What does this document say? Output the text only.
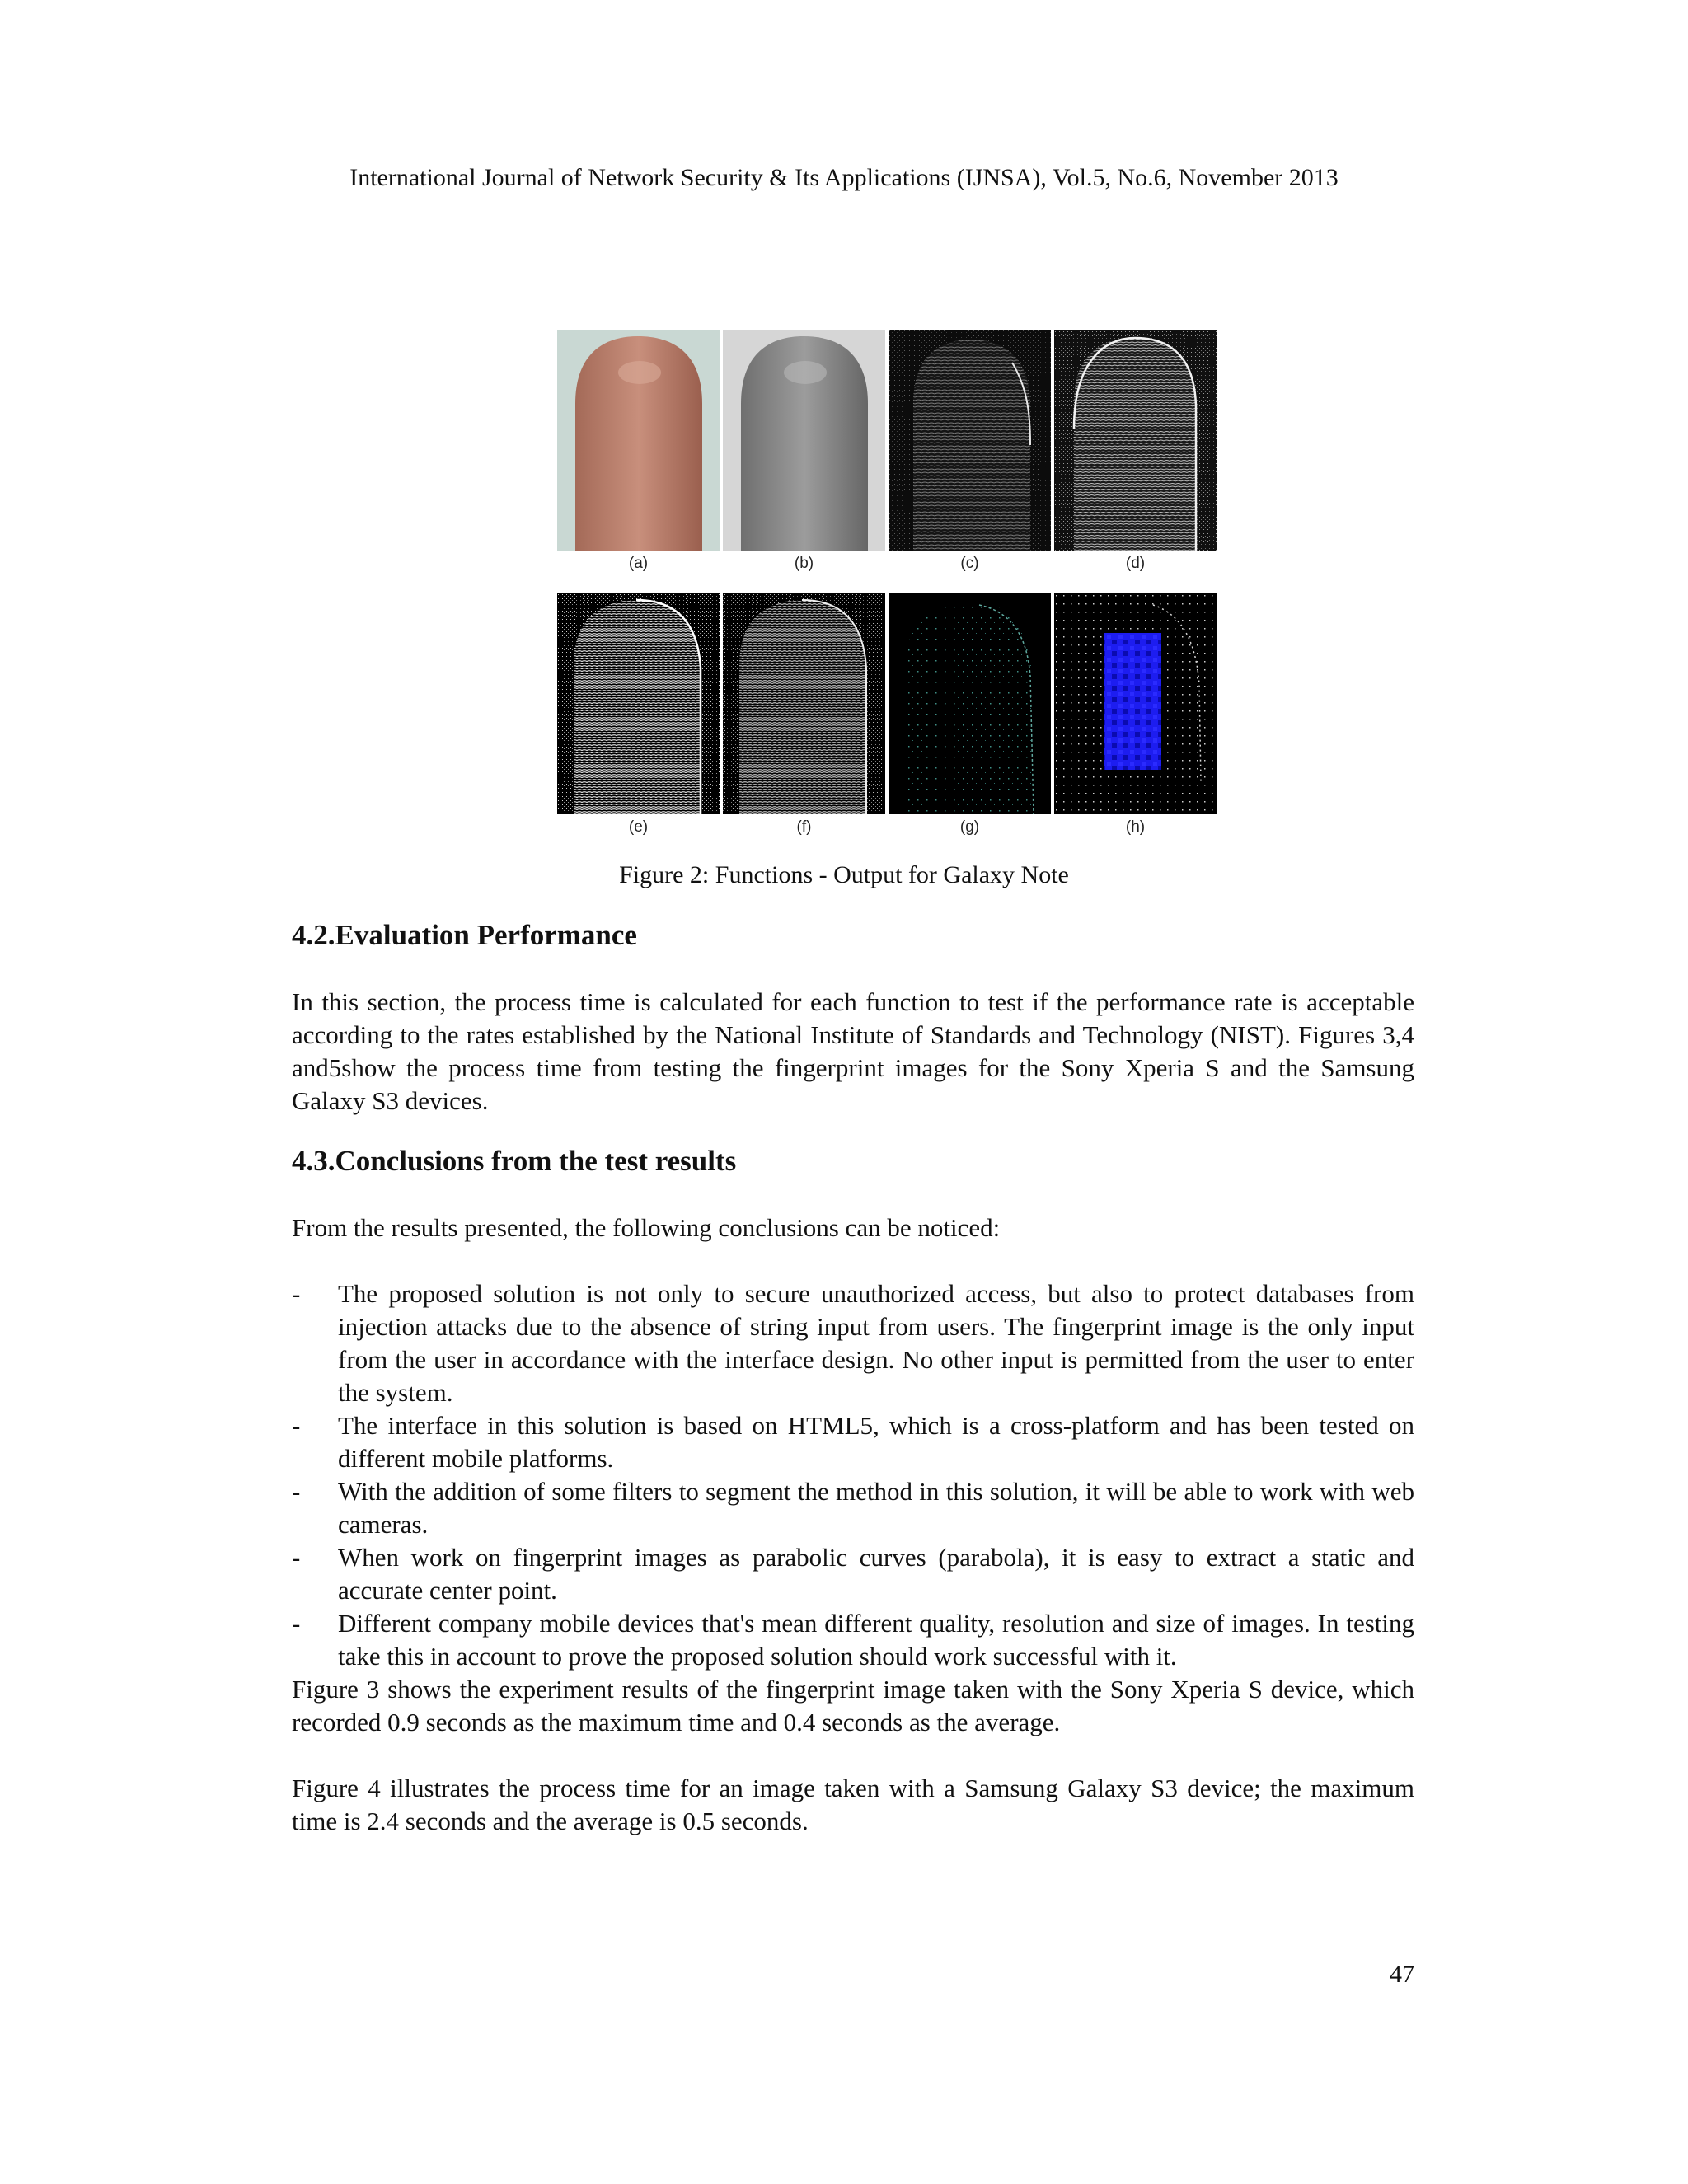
International Journal of Network Security & Its Applications (IJNSA), Vol.5, No.6, November 2013

(a)	(b)	(c)	(d)
(e)	(f)	(g)	(h)

Figure 2: Functions - Output for Galaxy Note

4.2.Evaluation Performance

In this section, the process time is calculated for each function to test if the performance rate is acceptable according to the rates established by the National Institute of Standards and Technology (NIST). Figures 3,4 and5show the process time from testing the fingerprint images for the Sony Xperia S and the Samsung Galaxy S3 devices.

4.3.Conclusions from the test results

From the results presented, the following conclusions can be noticed:

- The proposed solution is not only to secure unauthorized access, but also to protect databases from injection attacks due to the absence of string input from users. The fingerprint image is the only input from the user in accordance with the interface design. No other input is permitted from the user to enter the system.
- The interface in this solution is based on HTML5, which is a cross-platform and has been tested on different mobile platforms.
- With the addition of some filters to segment the method in this solution, it will be able to work with web cameras.
- When work on fingerprint images as parabolic curves (parabola), it is easy to extract a static and accurate center point.
- Different company mobile devices that's mean different quality, resolution and size of images. In testing take this in account to prove the proposed solution should work successful with it.

Figure 3 shows the experiment results of the fingerprint image taken with the Sony Xperia S device, which recorded 0.9 seconds as the maximum time and 0.4 seconds as the average.

Figure 4 illustrates the process time for an image taken with a Samsung Galaxy S3 device; the maximum time is 2.4 seconds and the average is 0.5 seconds.

47
